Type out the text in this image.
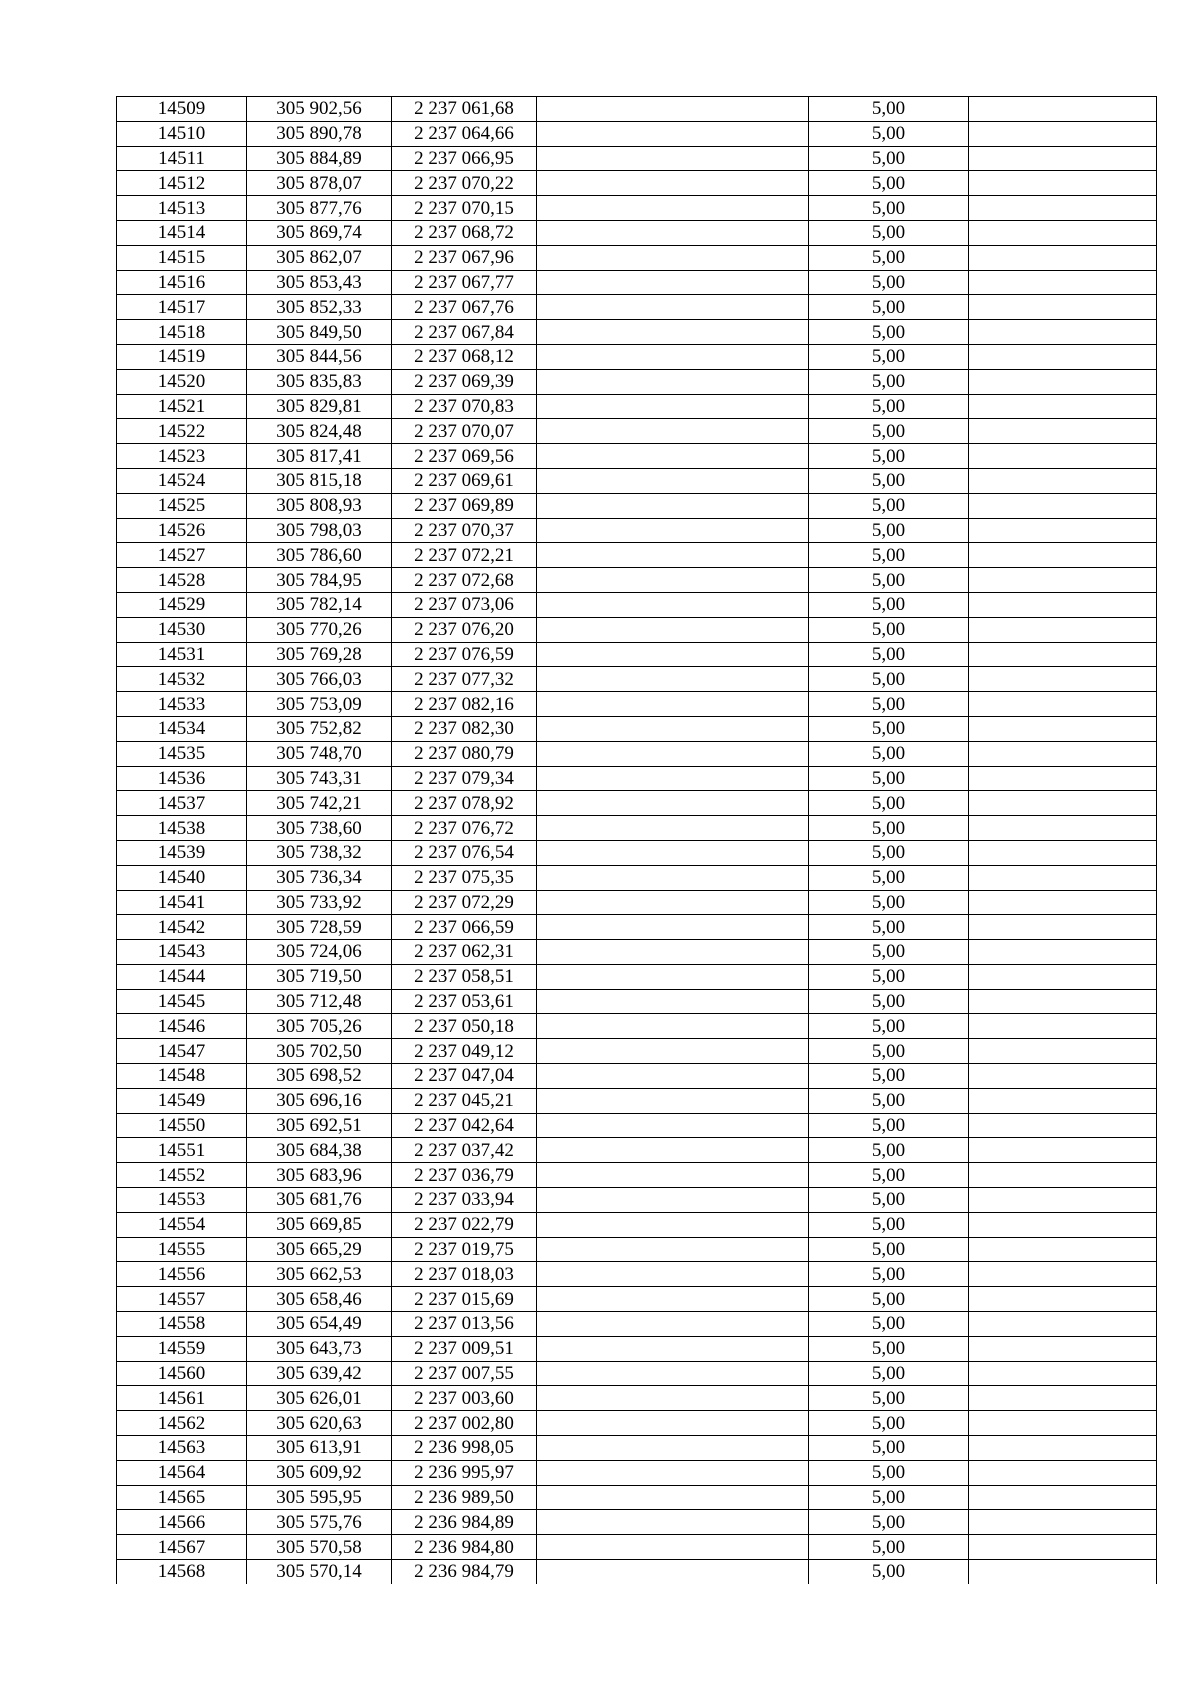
14509	305 902,56	2 237 061,68		5,00	
14510	305 890,78	2 237 064,66		5,00	
14511	305 884,89	2 237 066,95		5,00	
14512	305 878,07	2 237 070,22		5,00	
14513	305 877,76	2 237 070,15		5,00	
14514	305 869,74	2 237 068,72		5,00	
14515	305 862,07	2 237 067,96		5,00	
14516	305 853,43	2 237 067,77		5,00	
14517	305 852,33	2 237 067,76		5,00	
14518	305 849,50	2 237 067,84		5,00	
14519	305 844,56	2 237 068,12		5,00	
14520	305 835,83	2 237 069,39		5,00	
14521	305 829,81	2 237 070,83		5,00	
14522	305 824,48	2 237 070,07		5,00	
14523	305 817,41	2 237 069,56		5,00	
14524	305 815,18	2 237 069,61		5,00	
14525	305 808,93	2 237 069,89		5,00	
14526	305 798,03	2 237 070,37		5,00	
14527	305 786,60	2 237 072,21		5,00	
14528	305 784,95	2 237 072,68		5,00	
14529	305 782,14	2 237 073,06		5,00	
14530	305 770,26	2 237 076,20		5,00	
14531	305 769,28	2 237 076,59		5,00	
14532	305 766,03	2 237 077,32		5,00	
14533	305 753,09	2 237 082,16		5,00	
14534	305 752,82	2 237 082,30		5,00	
14535	305 748,70	2 237 080,79		5,00	
14536	305 743,31	2 237 079,34		5,00	
14537	305 742,21	2 237 078,92		5,00	
14538	305 738,60	2 237 076,72		5,00	
14539	305 738,32	2 237 076,54		5,00	
14540	305 736,34	2 237 075,35		5,00	
14541	305 733,92	2 237 072,29		5,00	
14542	305 728,59	2 237 066,59		5,00	
14543	305 724,06	2 237 062,31		5,00	
14544	305 719,50	2 237 058,51		5,00	
14545	305 712,48	2 237 053,61		5,00	
14546	305 705,26	2 237 050,18		5,00	
14547	305 702,50	2 237 049,12		5,00	
14548	305 698,52	2 237 047,04		5,00	
14549	305 696,16	2 237 045,21		5,00	
14550	305 692,51	2 237 042,64		5,00	
14551	305 684,38	2 237 037,42		5,00	
14552	305 683,96	2 237 036,79		5,00	
14553	305 681,76	2 237 033,94		5,00	
14554	305 669,85	2 237 022,79		5,00	
14555	305 665,29	2 237 019,75		5,00	
14556	305 662,53	2 237 018,03		5,00	
14557	305 658,46	2 237 015,69		5,00	
14558	305 654,49	2 237 013,56		5,00	
14559	305 643,73	2 237 009,51		5,00	
14560	305 639,42	2 237 007,55		5,00	
14561	305 626,01	2 237 003,60		5,00	
14562	305 620,63	2 237 002,80		5,00	
14563	305 613,91	2 236 998,05		5,00	
14564	305 609,92	2 236 995,97		5,00	
14565	305 595,95	2 236 989,50		5,00	
14566	305 575,76	2 236 984,89		5,00	
14567	305 570,58	2 236 984,80		5,00	
14568	305 570,14	2 236 984,79		5,00	
